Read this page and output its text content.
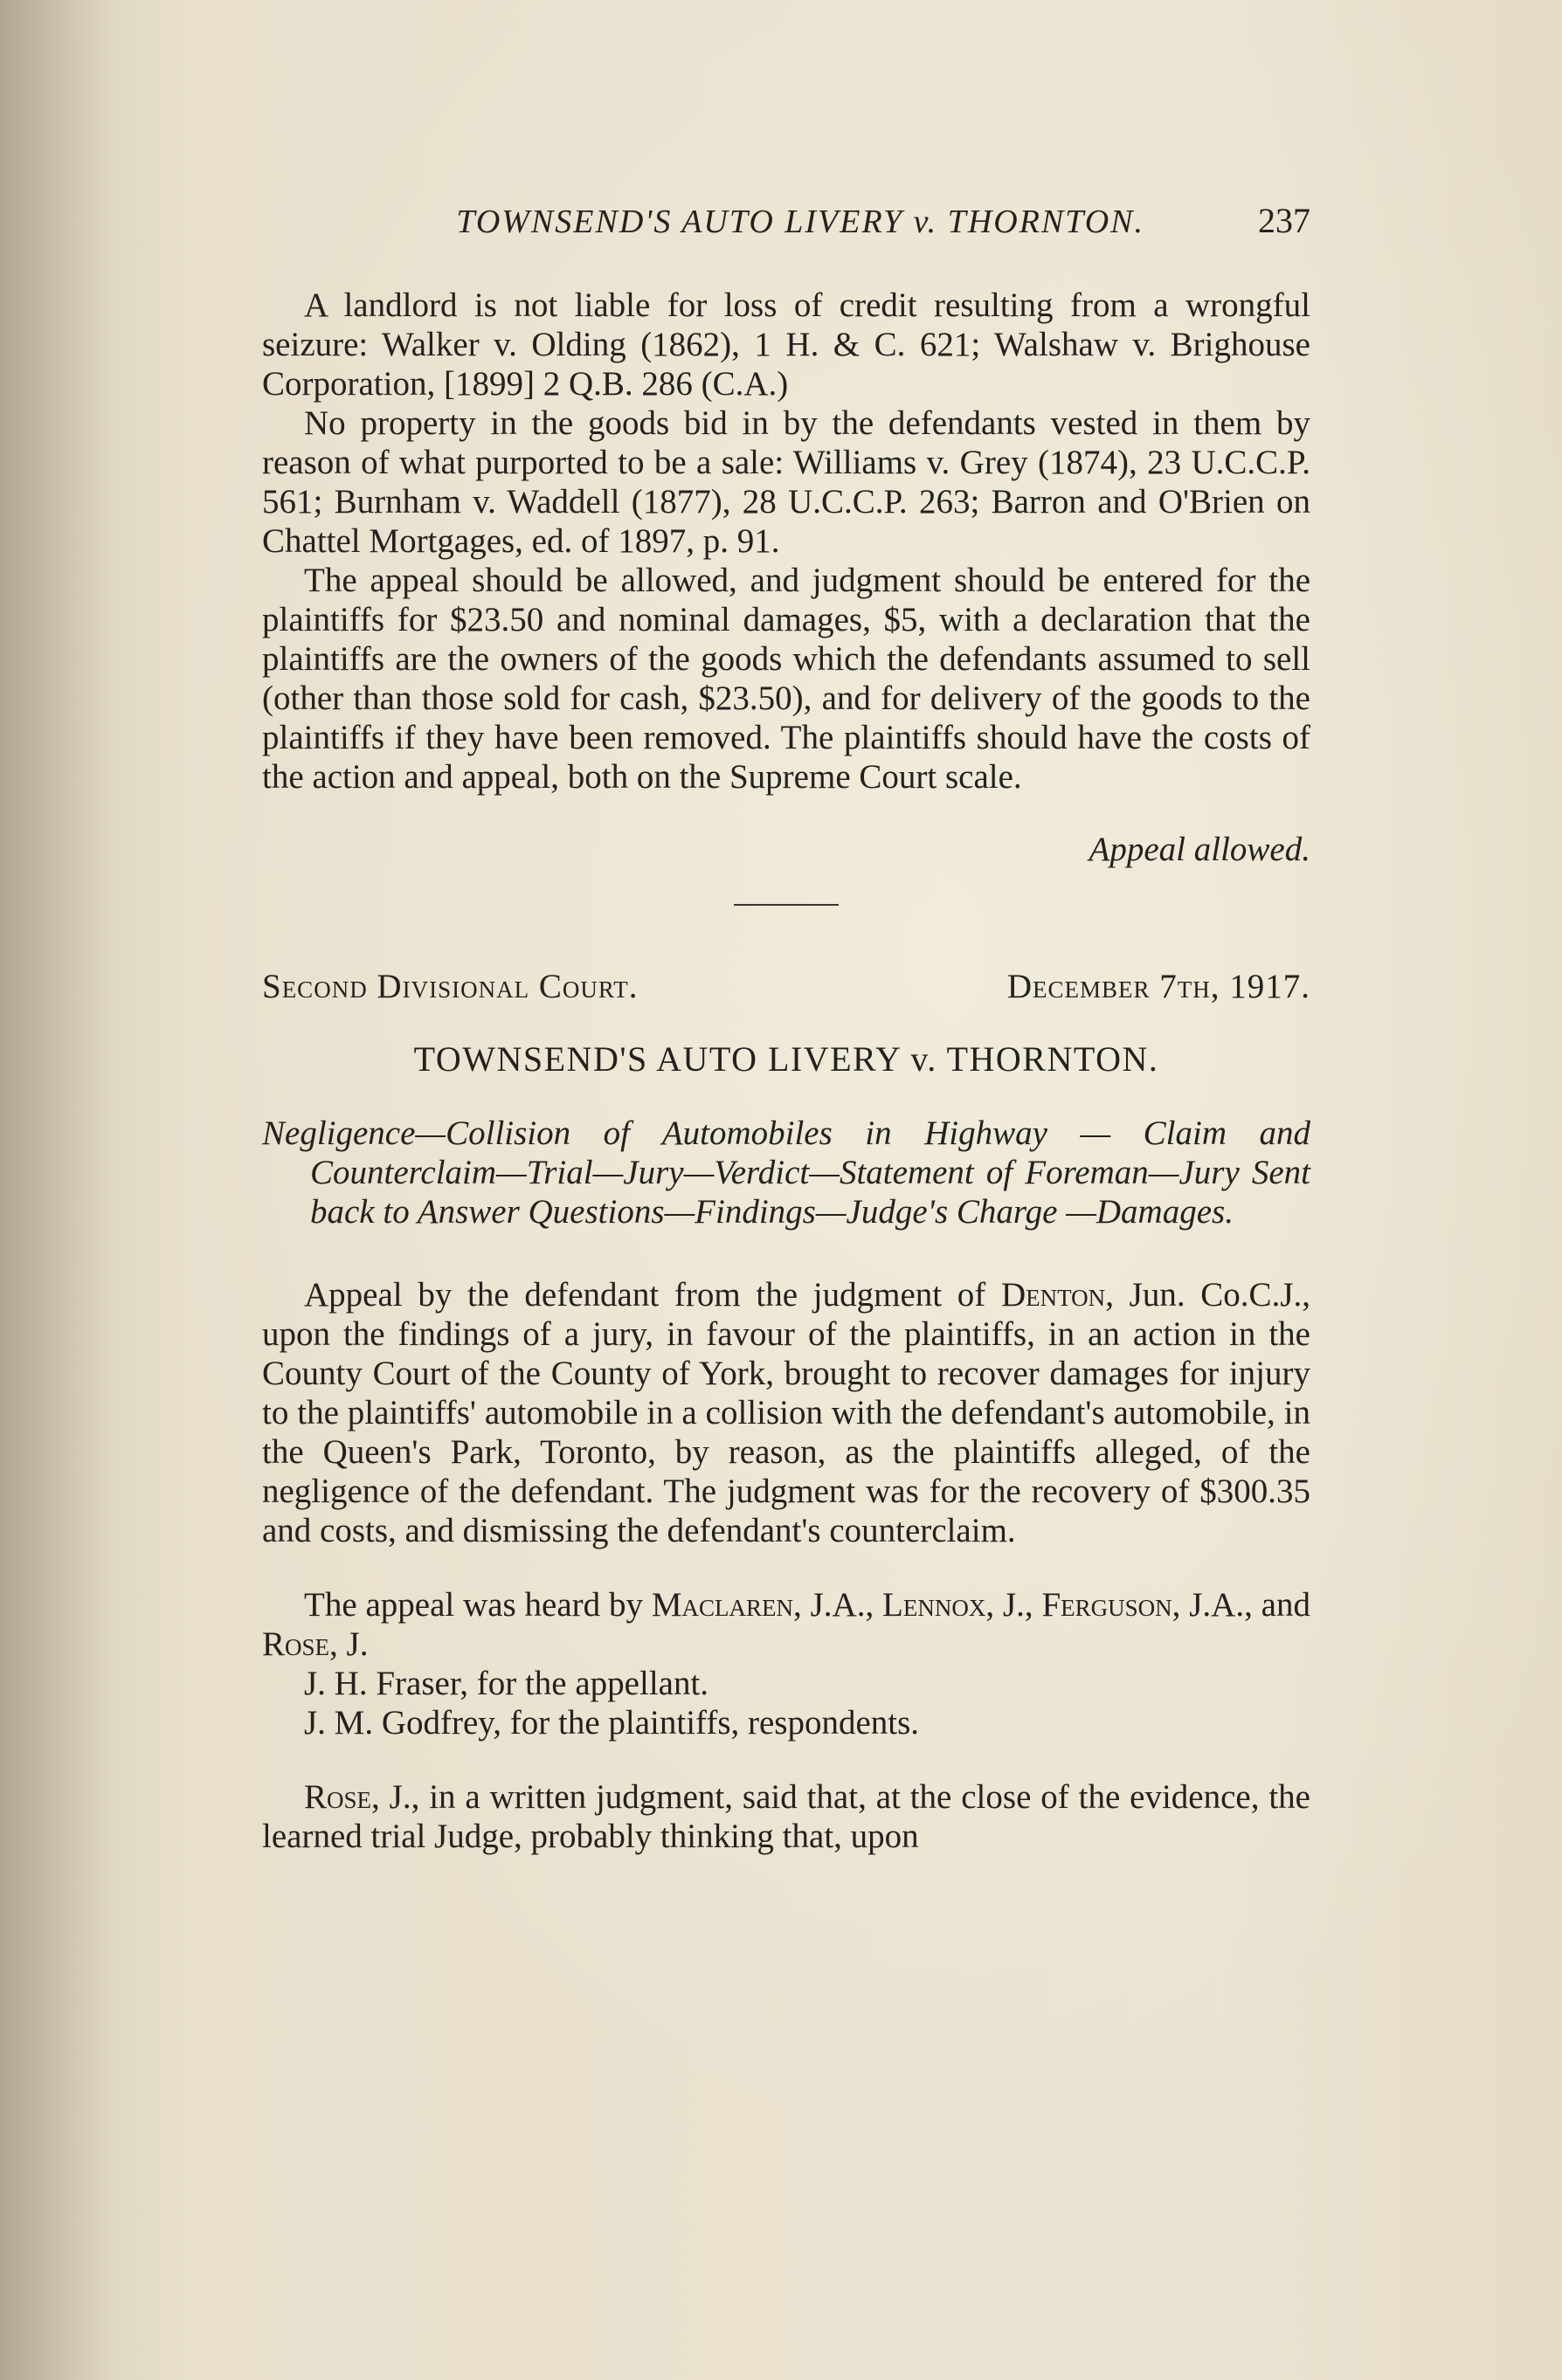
TOWNSEND'S AUTO LIVERY v. THORNTON.	237

A landlord is not liable for loss of credit resulting from a wrongful seizure: Walker v. Olding (1862), 1 H. & C. 621; Walshaw v. Brighouse Corporation, [1899] 2 Q.B. 286 (C.A.)

No property in the goods bid in by the defendants vested in them by reason of what purported to be a sale: Williams v. Grey (1874), 23 U.C.C.P. 561; Burnham v. Waddell (1877), 28 U.C.C.P. 263; Barron and O'Brien on Chattel Mortgages, ed. of 1897, p. 91.

The appeal should be allowed, and judgment should be entered for the plaintiffs for $23.50 and nominal damages, $5, with a declaration that the plaintiffs are the owners of the goods which the defendants assumed to sell (other than those sold for cash, $23.50), and for delivery of the goods to the plaintiffs if they have been removed. The plaintiffs should have the costs of the action and appeal, both on the Supreme Court scale.

Appeal allowed.
Second Divisional Court.	December 7th, 1917.
TOWNSEND'S AUTO LIVERY v. THORNTON.
Negligence—Collision of Automobiles in Highway — Claim and Counterclaim—Trial—Jury—Verdict—Statement of Foreman—Jury Sent back to Answer Questions—Findings—Judge's Charge —Damages.

Appeal by the defendant from the judgment of Denton, Jun. Co.C.J., upon the findings of a jury, in favour of the plaintiffs, in an action in the County Court of the County of York, brought to recover damages for injury to the plaintiffs' automobile in a collision with the defendant's automobile, in the Queen's Park, Toronto, by reason, as the plaintiffs alleged, of the negligence of the defendant. The judgment was for the recovery of $300.35 and costs, and dismissing the defendant's counterclaim.

The appeal was heard by Maclaren, J.A., Lennox, J., Ferguson, J.A., and Rose, J.

J. H. Fraser, for the appellant.

J. M. Godfrey, for the plaintiffs, respondents.

Rose, J., in a written judgment, said that, at the close of the evidence, the learned trial Judge, probably thinking that, upon
